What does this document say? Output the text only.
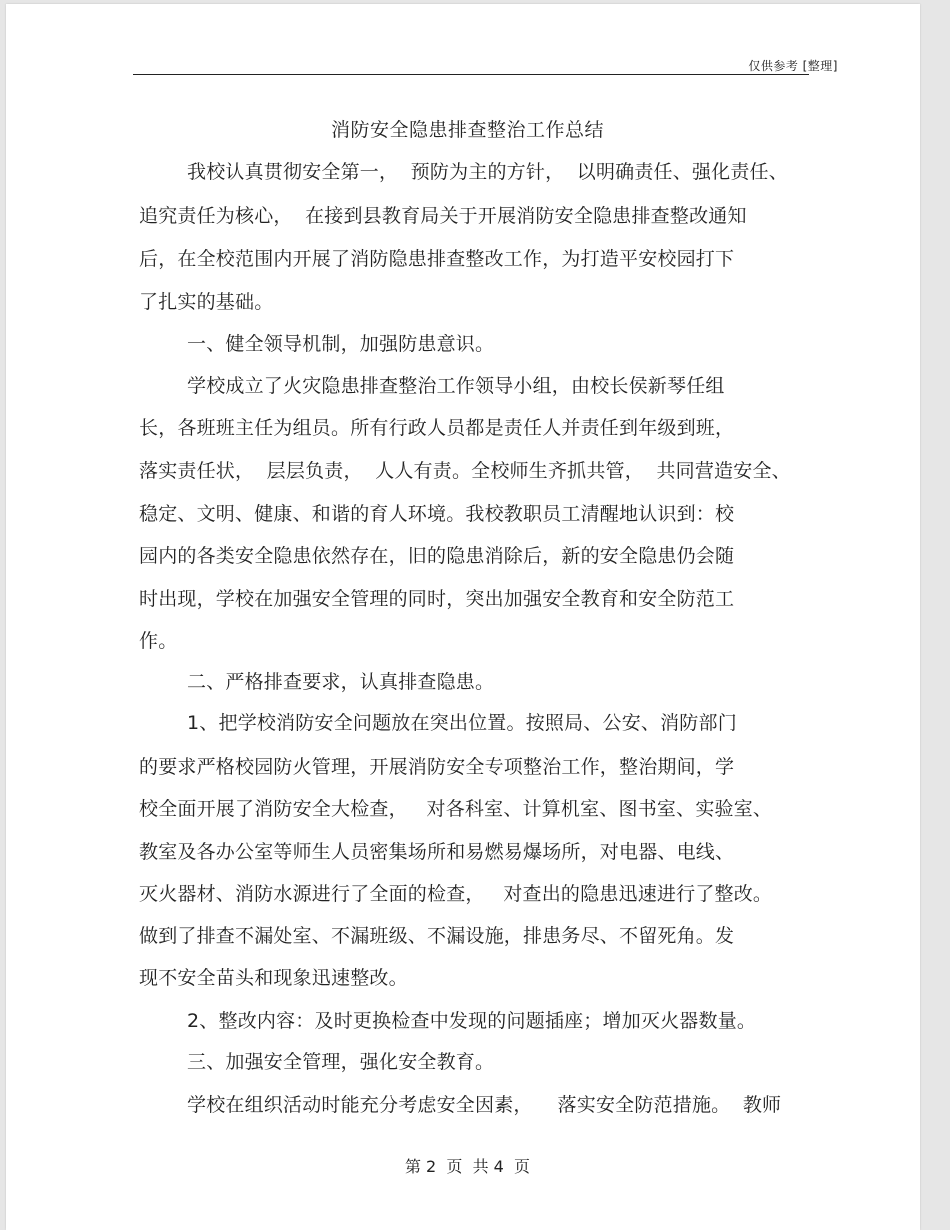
仅供参考 [整理]
消防安全隐患排查整治工作总结
我校认真贯彻安全第一，  预防为主的方针，  以明确责任、强化责任、
追究责任为核心，  在接到县教育局关于开展消防安全隐患排查整改通知
后，在全校范围内开展了消防隐患排查整改工作，为打造平安校园打下
了扎实的基础。
一、健全领导机制，加强防患意识。
学校成立了火灾隐患排查整治工作领导小组，由校长侯新琴任组
长，各班班主任为组员。所有行政人员都是责任人并责任到年级到班，
落实责任状，  层层负责，  人人有责。全校师生齐抓共管，  共同营造安全、
稳定、文明、健康、和谐的育人环境。我校教职员工清醒地认识到：校
园内的各类安全隐患依然存在，旧的隐患消除后，新的安全隐患仍会随
时出现，学校在加强安全管理的同时，突出加强安全教育和安全防范工
作。
二、严格排查要求，认真排查隐患。
1、把学校消防安全问题放在突出位置。按照局、公安、消防部门
的要求严格校园防火管理，开展消防安全专项整治工作，整治期间，学
校全面开展了消防安全大检查，   对各科室、计算机室、图书室、实验室、
教室及各办公室等师生人员密集场所和易燃易爆场所，对电器、电线、
灭火器材、消防水源进行了全面的检查，   对查出的隐患迅速进行了整改。
做到了排查不漏处室、不漏班级、不漏设施，排患务尽、不留死角。发
现不安全苗头和现象迅速整改。
2、整改内容：及时更换检查中发现的问题插座；增加灭火器数量。
三、加强安全管理，强化安全教育。
学校在组织活动时能充分考虑安全因素，    落实安全防范措施。  教师
第 2  页  共 4  页
